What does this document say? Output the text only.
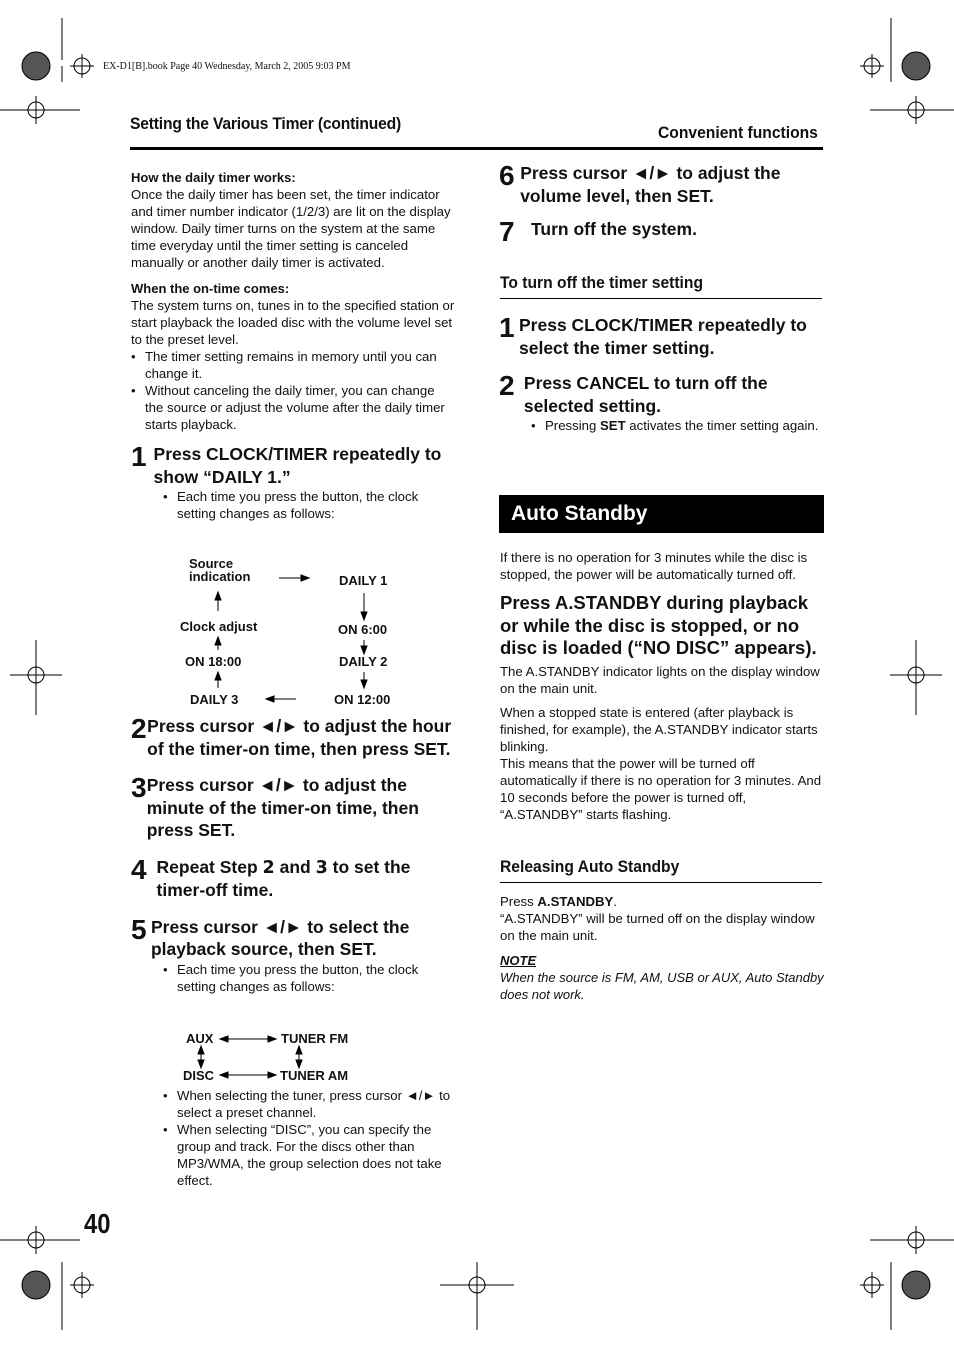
EX-D1[B].book Page 40 Wednesday, March 2, 2005 9:03 PM
Setting the Various Timer (continued)	Convenient functions
How the daily timer works:
Once the daily timer has been set, the timer indicator and timer number indicator (1/2/3) are lit on the display window. Daily timer turns on the system at the same time everyday until the timer setting is canceled manually or another daily timer is activated.
When the on-time comes:
The system turns on, tunes in to the specified station or start playback the loaded disc with the volume level set to the preset level.
• The timer setting remains in memory until you can change it.
• Without canceling the daily timer, you can change the source or adjust the volume after the daily timer starts playback.
1 Press CLOCK/TIMER repeatedly to show “DAILY 1.”
• Each time you press the button, the clock setting changes as follows:
Source
indication	DAILY 1
Clock adjust	ON 6:00
ON 18:00	DAILY 2
DAILY 3	ON 12:00
2 Press cursor ◄/► to adjust the hour of the timer-on time, then press SET.
3 Press cursor ◄/► to adjust the minute of the timer-on time, then press SET.
4 Repeat Step 2 and 3 to set the timer-off time.
5 Press cursor ◄/► to select the playback source, then SET.
• Each time you press the button, the clock setting changes as follows:
AUX	TUNER FM
DISC	TUNER AM
• When selecting the tuner, press cursor ◄/► to select a preset channel.
• When selecting “DISC”, you can specify the group and track. For the discs other than MP3/WMA, the group selection does not take effect.
6 Press cursor ◄/► to adjust the volume level, then SET.
7 Turn off the system.
To turn off the timer setting
1 Press CLOCK/TIMER repeatedly to select the timer setting.
2 Press CANCEL to turn off the selected setting.
• Pressing SET activates the timer setting again.
Auto Standby
If there is no operation for 3 minutes while the disc is stopped, the power will be automatically turned off.
Press A.STANDBY during playback or while the disc is stopped, or no disc is loaded (“NO DISC” appears).
The A.STANDBY indicator lights on the display window on the main unit.
When a stopped state is entered (after playback is finished, for example), the A.STANDBY indicator starts blinking.
This means that the power will be turned off automatically if there is no operation for 3 minutes. And 10 seconds before the power is turned off, “A.STANDBY” starts flashing.
Releasing Auto Standby
Press A.STANDBY.
“A.STANDBY” will be turned off on the display window on the main unit.
NOTE
When the source is FM, AM, USB or AUX, Auto Standby does not work.
40
